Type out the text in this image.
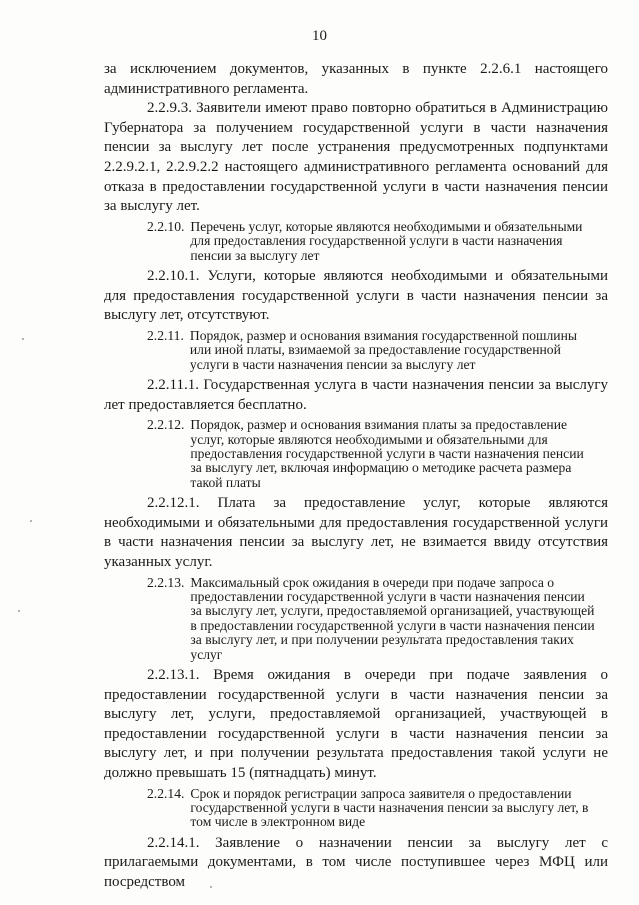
10

за исключением документов, указанных в пункте 2.2.6.1 настоящего административного регламента.

2.2.9.3. Заявители имеют право повторно обратиться в Администрацию Губернатора за получением государственной услуги в части назначения пенсии за выслугу лет после устранения предусмотренных подпунктами 2.2.9.2.1, 2.2.9.2.2 настоящего административного регламента оснований для отказа в предоставлении государственной услуги в части назначения пенсии за выслугу лет.

2.2.10. Перечень услуг, которые являются необходимыми и обязательными для предоставления государственной услуги в части назначения пенсии за выслугу лет

2.2.10.1. Услуги, которые являются необходимыми и обязательными для предоставления государственной услуги в части назначения пенсии за выслугу лет, отсутствуют.

2.2.11. Порядок, размер и основания взимания государственной пошлины или иной платы, взимаемой за предоставление государственной услуги в части назначения пенсии за выслугу лет

2.2.11.1. Государственная услуга в части назначения пенсии за выслугу лет предоставляется бесплатно.

2.2.12. Порядок, размер и основания взимания платы за предоставление услуг, которые являются необходимыми и обязательными для предоставления государственной услуги в части назначения пенсии за выслугу лет, включая информацию о методике расчета размера такой платы

2.2.12.1. Плата за предоставление услуг, которые являются необходимыми и обязательными для предоставления государственной услуги в части назначения пенсии за выслугу лет, не взимается ввиду отсутствия указанных услуг.

2.2.13. Максимальный срок ожидания в очереди при подаче запроса о предоставлении государственной услуги в части назначения пенсии за выслугу лет, услуги, предоставляемой организацией, участвующей в предоставлении государственной услуги в части назначения пенсии за выслугу лет, и при получении результата предоставления таких услуг

2.2.13.1. Время ожидания в очереди при подаче заявления о предоставлении государственной услуги в части назначения пенсии за выслугу лет, услуги, предоставляемой организацией, участвующей в предоставлении государственной услуги в части назначения пенсии за выслугу лет, и при получении результата предоставления такой услуги не должно превышать 15 (пятнадцать) минут.

2.2.14. Срок и порядок регистрации запроса заявителя о предоставлении государственной услуги в части назначения пенсии за выслугу лет, в том числе в электронном виде

2.2.14.1. Заявление о назначении пенсии за выслугу лет с прилагаемыми документами, в том числе поступившее через МФЦ или посредством
